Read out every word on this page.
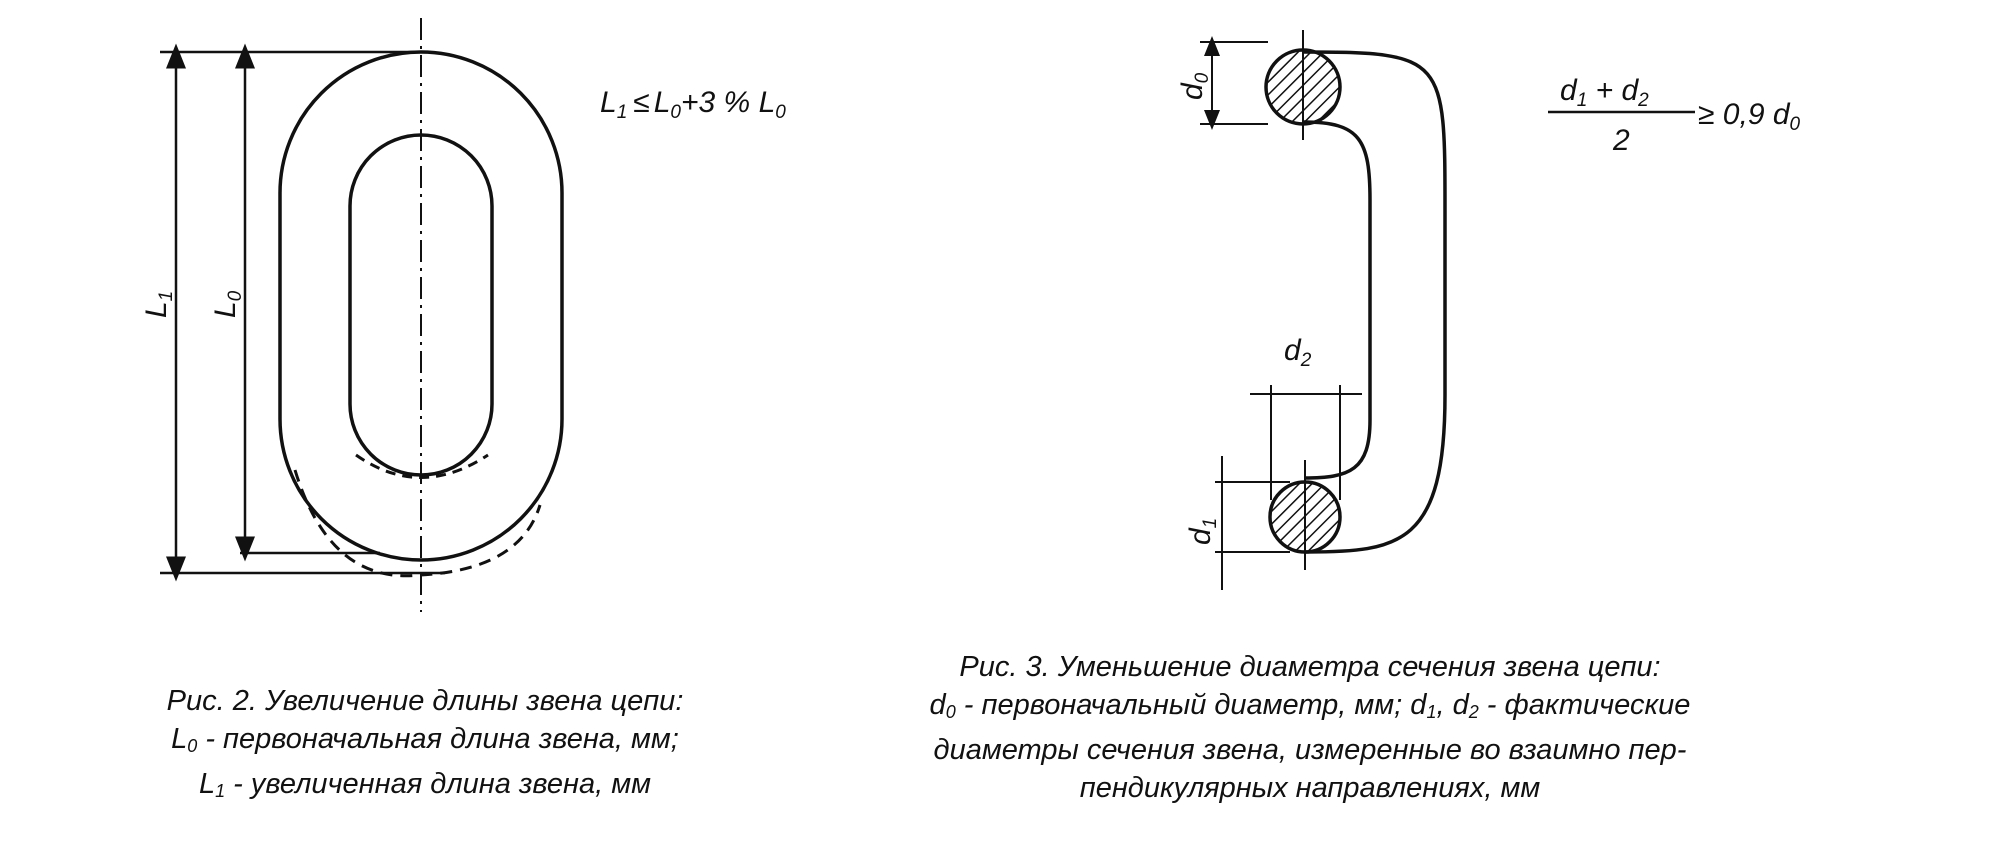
$L_1$
$L_0$
$L_1 \le L_0+3$ % $L_0$
$d_0$
$d_1$
$d_2$
$d_1 + d_2$
2
≥ 0,9 $d_0$
Рис. 2. Увеличение длины звена цепи:
$L_0$ - первоначальная длина звена, мм;
$L_1$ - увеличенная длина звена, мм
Рис. 3. Уменьшение диаметра сечения звена цепи:
$d_0$ - первоначальный диаметр, мм; $d_1$, $d_2$ - фактические
диаметры сечения звена, измеренные во взаимно пер-
пендикулярных направлениях, мм
